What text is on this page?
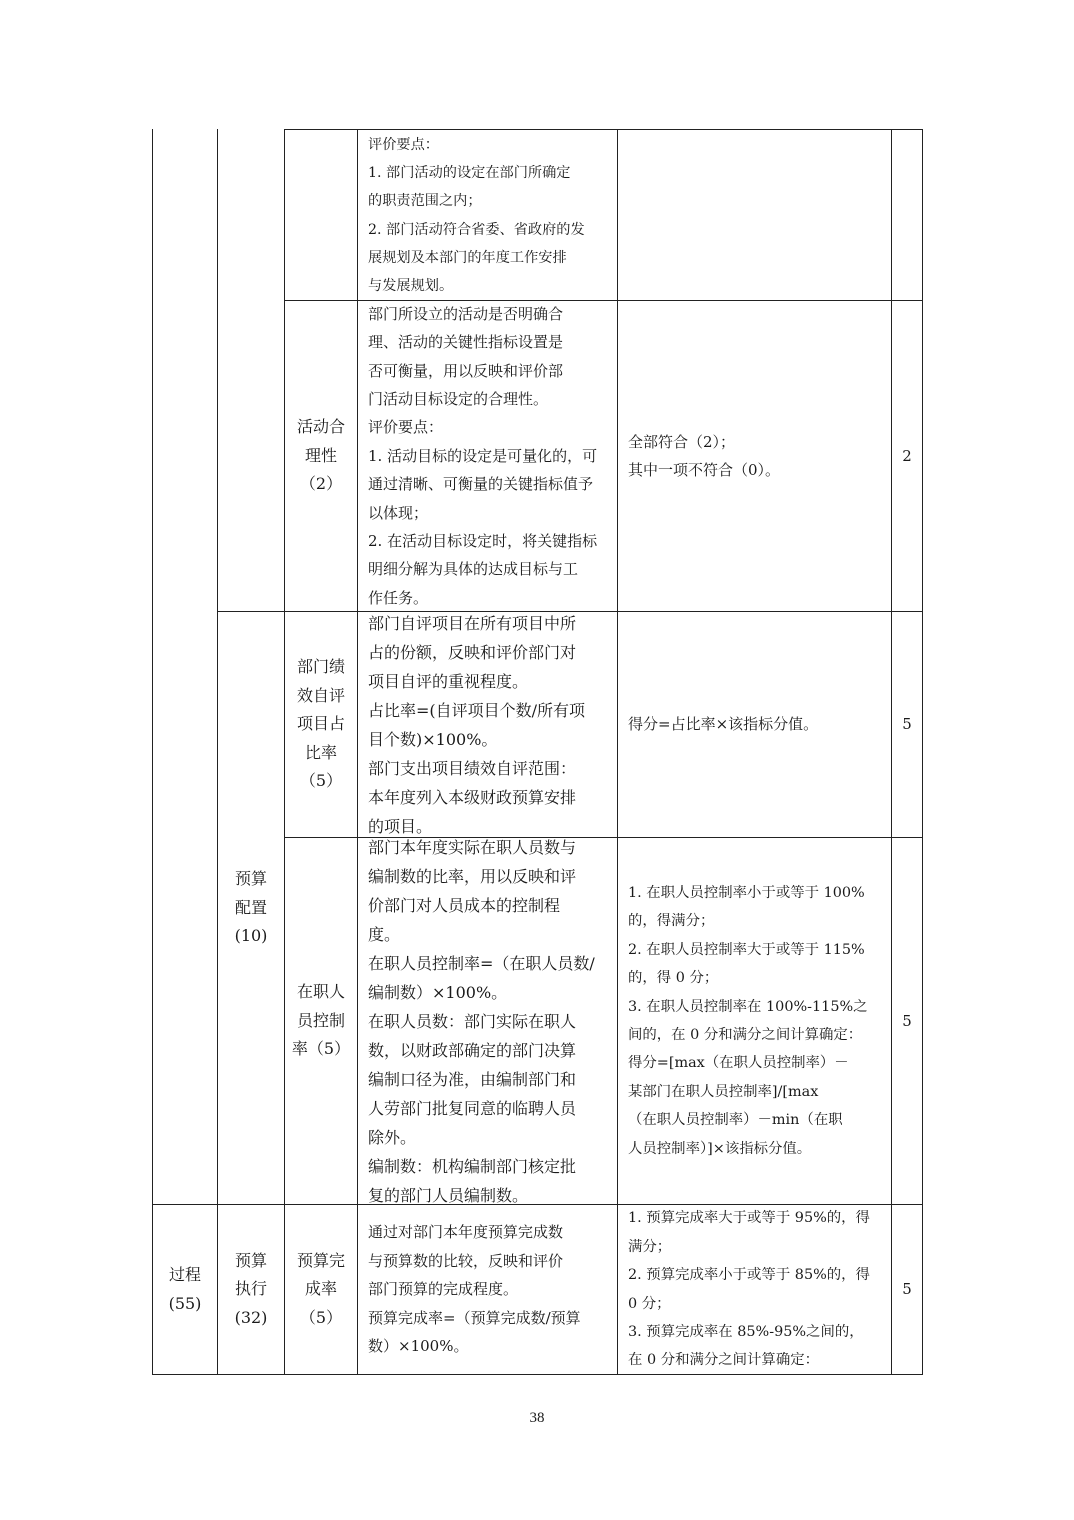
评价要点：
1. 部门活动的设定在部门所确定
的职责范围之内；
2. 部门活动符合省委、省政府的发
展规划及本部门的年度工作安排
与发展规划。
活动合
理性
（2）
部门所设立的活动是否明确合
理、活动的关键性指标设置是
否可衡量，用以反映和评价部
门活动目标设定的合理性。
评价要点：
1. 活动目标的设定是可量化的，可
通过清晰、可衡量的关键指标值予
以体现；
2. 在活动目标设定时，将关键指标
明细分解为具体的达成目标与工
作任务。
全部符合（2）；
其中一项不符合（0）。
2
部门绩
效自评
项目占
比率
（5）
部门自评项目在所有项目中所
占的份额，反映和评价部门对
项目自评的重视程度。
占比率=(自评项目个数/所有项
目个数)×100%。
部门支出项目绩效自评范围：
本年度列入本级财政预算安排
的项目。
得分=占比率×该指标分值。	5
在职人
员控制
率（5）
部门本年度实际在职人员数与
编制数的比率，用以反映和评
价部门对人员成本的控制程
度。
在职人员控制率=（在职人员数/
编制数）×100%。
在职人员数：部门实际在职人
数，以财政部确定的部门决算
编制口径为准，由编制部门和
人劳部门批复同意的临聘人员
除外。
编制数：机构编制部门核定批
复的部门人员编制数。
1. 在职人员控制率小于或等于 100%
的，得满分；
2. 在职人员控制率大于或等于 115%
的，得 0 分；
3. 在职人员控制率在 100%-115%之
间的，在 0 分和满分之间计算确定：
得分=[max（在职人员控制率）－
某部门在职人员控制率]/[max
（在职人员控制率）－min（在职
人员控制率）]×该指标分值。
5
预算
配置
(10)
过程
(55)
预算
执行
(32)
预算完
成率
（5）
通过对部门本年度预算完成数
与预算数的比较，反映和评价
部门预算的完成程度。
预算完成率=（预算完成数/预算
数）×100%。
1. 预算完成率大于或等于 95%的，得
满分；
2. 预算完成率小于或等于 85%的，得
0 分；
3. 预算完成率在 85%-95%之间的，
在 0 分和满分之间计算确定：
5
38
